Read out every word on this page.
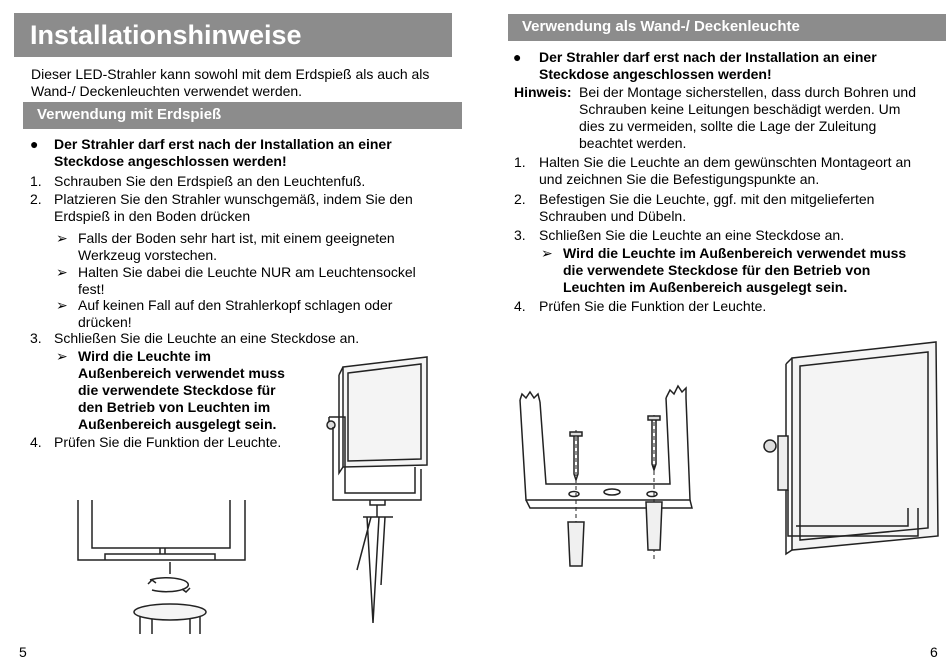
Installationshinweise
Dieser LED-Strahler kann sowohl mit dem Erdspieß als auch als
Wand-/ Deckenleuchten verwendet werden.
Verwendung mit Erdspieß
● Der Strahler darf erst nach der Installation an einer
Steckdose angeschlossen werden!
1. Schrauben Sie den Erdspieß an den Leuchtenfuß.
2. Platzieren Sie den Strahler wunschgemäß, indem Sie den
Erdspieß in den Boden drücken
➢ Falls der Boden sehr hart ist, mit einem geeigneten
Werkzeug vorstechen.
➢ Halten Sie dabei die Leuchte NUR am Leuchtensockel
fest!
➢ Auf keinen Fall auf den Strahlerkopf schlagen oder
drücken!
3. Schließen Sie die Leuchte an eine Steckdose an.
➢ Wird die Leuchte im
Außenbereich verwendet muss
die verwendete Steckdose für
den Betrieb von Leuchten im
Außenbereich ausgelegt sein.
4. Prüfen Sie die Funktion der Leuchte.
5
Verwendung als Wand-/ Deckenleuchte
● Der Strahler darf erst nach der Installation an einer
Steckdose angeschlossen werden!
Hinweis: Bei der Montage sicherstellen, dass durch Bohren und
Schrauben keine Leitungen beschädigt werden. Um
dies zu vermeiden, sollte die Lage der Zuleitung
beachtet werden.
1. Halten Sie die Leuchte an dem gewünschten Montageort an
und zeichnen Sie die Befestigungspunkte an.
2. Befestigen Sie die Leuchte, ggf. mit den mitgelieferten
Schrauben und Dübeln.
3. Schließen Sie die Leuchte an eine Steckdose an.
➢ Wird die Leuchte im Außenbereich verwendet muss
die verwendete Steckdose für den Betrieb von
Leuchten im Außenbereich ausgelegt sein.
4. Prüfen Sie die Funktion der Leuchte.
6
